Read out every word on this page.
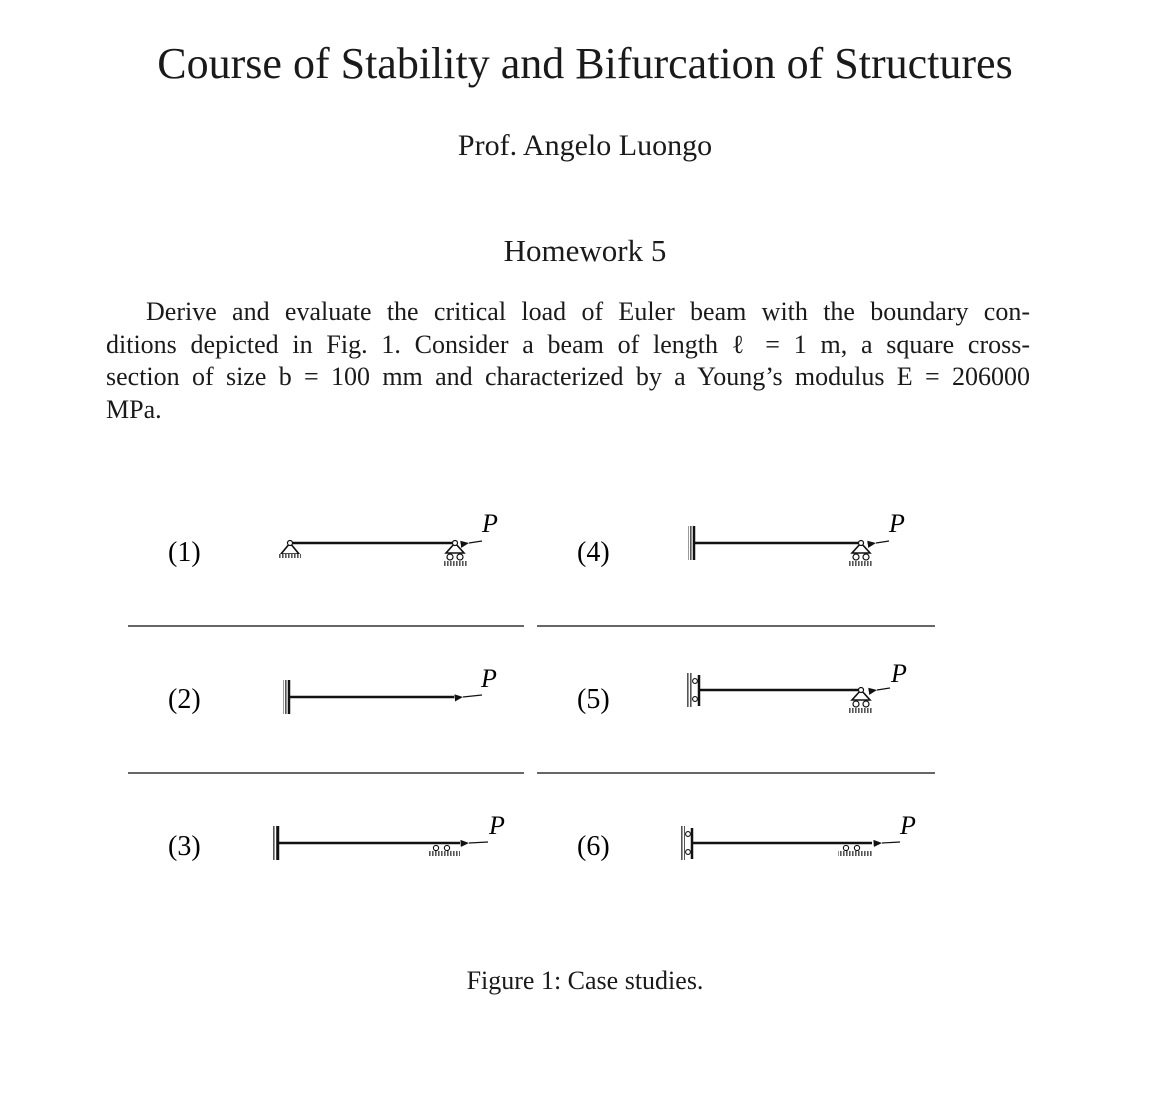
Course of Stability and Bifurcation of Structures
Prof. Angelo Luongo
Homework 5
Derive and evaluate the critical load of Euler beam with the boundary con-
ditions depicted in Fig. 1. Consider a beam of length ℓ = 1 m, a square cross-
section of size b = 100 mm and characterized by a Young’s modulus E = 206000
MPa.
(1)
P
(2)
P
(3)
P
(4)
P
(5)
P
(6)
P
Figure 1: Case studies.
